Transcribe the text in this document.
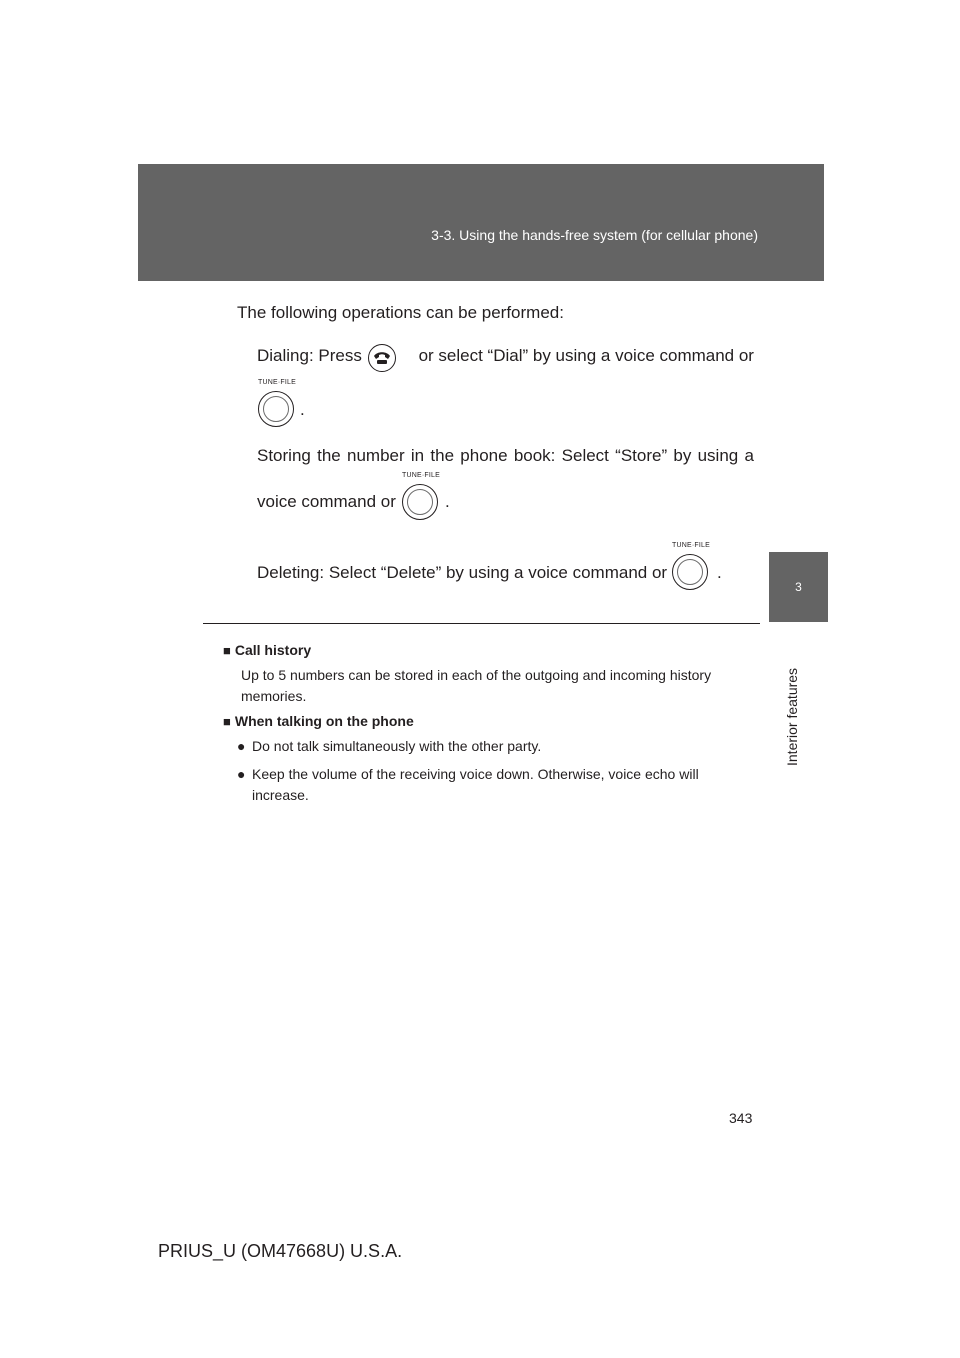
3-3. Using the hands-free system (for cellular phone)
3
Interior features
The following operations can be performed:
Dialing: Press	or select “Dial” by using a voice command or
TUNE·FILE
.
Storing the number in the phone book: Select “Store” by using a
voice command or
TUNE·FILE
.
Deleting: Select “Delete” by using a voice command or
TUNE·FILE
.
■ Call history
Up to 5 numbers can be stored in each of the outgoing and incoming history
memories.
■ When talking on the phone
● Do not talk simultaneously with the other party.
● Keep the volume of the receiving voice down. Otherwise, voice echo will
increase.
343
PRIUS_U (OM47668U) U.S.A.
